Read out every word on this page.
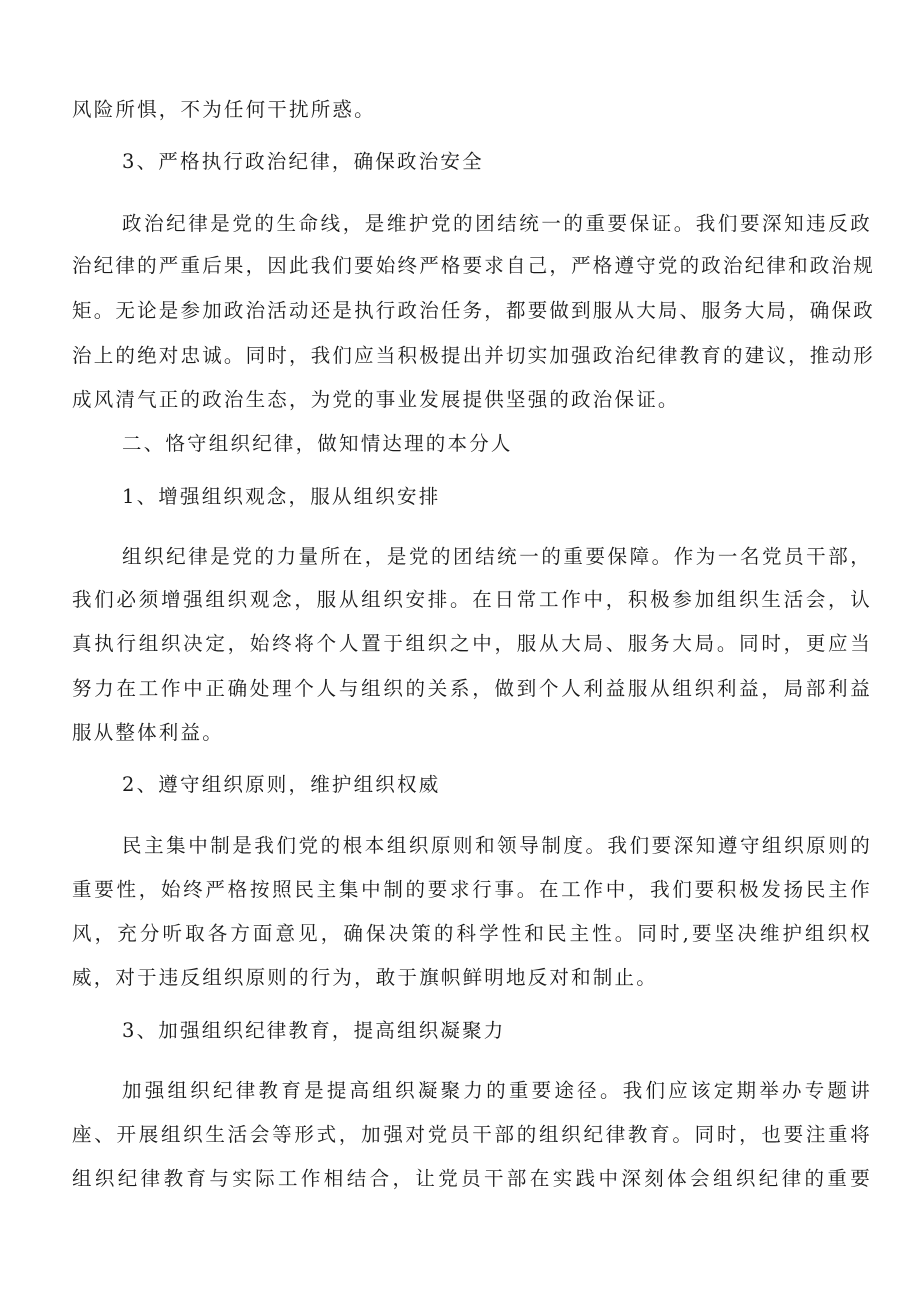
风险所惧，不为任何干扰所惑。
3、严格执行政治纪律，确保政治安全
政治纪律是党的生命线，是维护党的团结统一的重要保证。我们要深知违反政
治纪律的严重后果，因此我们要始终严格要求自己，严格遵守党的政治纪律和政治规
矩。无论是参加政治活动还是执行政治任务，都要做到服从大局、服务大局，确保政
治上的绝对忠诚。同时，我们应当积极提出并切实加强政治纪律教育的建议，推动形
成风清气正的政治生态，为党的事业发展提供坚强的政治保证。
二、恪守组织纪律，做知情达理的本分人
1、增强组织观念，服从组织安排
组织纪律是党的力量所在，是党的团结统一的重要保障。作为一名党员干部，
我们必须增强组织观念，服从组织安排。在日常工作中，积极参加组织生活会，认
真执行组织决定，始终将个人置于组织之中，服从大局、服务大局。同时，更应当
努力在工作中正确处理个人与组织的关系，做到个人利益服从组织利益，局部利益
服从整体利益。
2、遵守组织原则，维护组织权威
民主集中制是我们党的根本组织原则和领导制度。我们要深知遵守组织原则的
重要性，始终严格按照民主集中制的要求行事。在工作中，我们要积极发扬民主作
风，充分听取各方面意见，确保决策的科学性和民主性。同时,要坚决维护组织权
威，对于违反组织原则的行为，敢于旗帜鲜明地反对和制止。
3、加强组织纪律教育，提高组织凝聚力
加强组织纪律教育是提高组织凝聚力的重要途径。我们应该定期举办专题讲
座、开展组织生活会等形式，加强对党员干部的组织纪律教育。同时，也要注重将
组织纪律教育与实际工作相结合，让党员干部在实践中深刻体会组织纪律的重要
